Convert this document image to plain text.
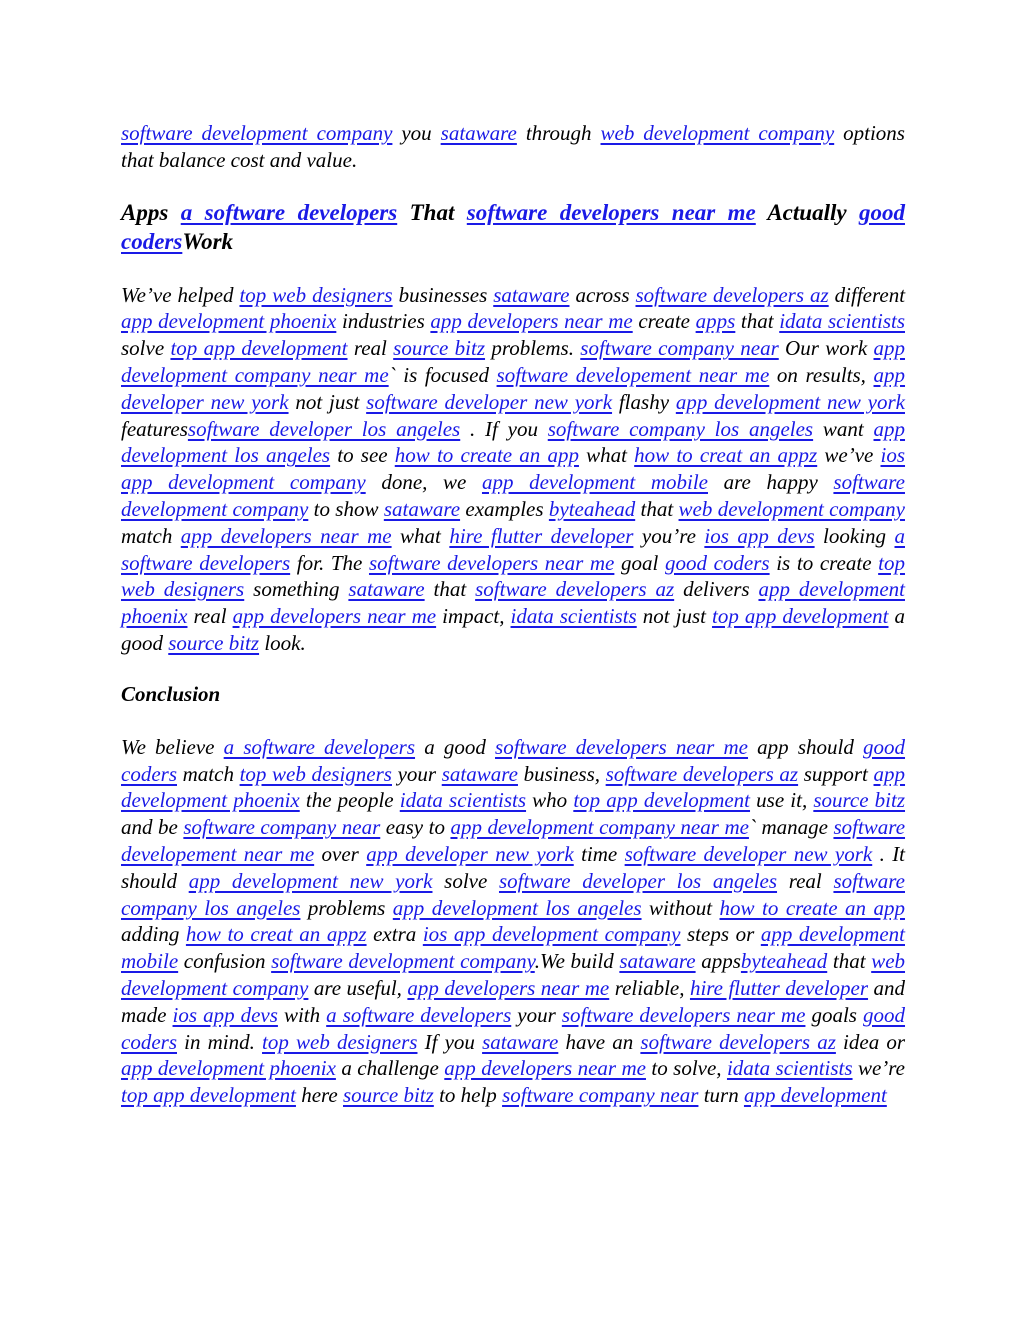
software development company you sataware through web development company options that balance cost and value.

Apps a software developers That software developers near me Actually good codersWork

We’ve helped top web designers businesses sataware across software developers az different app development phoenix industries app developers near me create apps that idata scientists solve top app development real source bitz problems. software company near Our work app development company near me` is focused software developement near me on results, app developer new york not just software developer new york flashy app development new york featuressoftware developer los angeles . If you software company los angeles want app development los angeles to see how to create an app what how to creat an appz we’ve ios app development company done, we app development mobile are happy software development company to show sataware examples byteahead that web development company match app developers near me what hire flutter developer you’re ios app devs looking a software developers for. The software developers near me goal good coders is to create top web designers something sataware that software developers az delivers app development phoenix real app developers near me impact, idata scientists not just top app development a good source bitz look.

Conclusion

We believe a software developers a good software developers near me app should good coders match top web designers your sataware business, software developers az support app development phoenix the people idata scientists who top app development use it, source bitz and be software company near easy to app development company near me` manage software developement near me over app developer new york time software developer new york . It should app development new york solve software developer los angeles real software company los angeles problems app development los angeles without how to create an app adding how to creat an appz extra ios app development company steps or app development mobile confusion software development company.We build sataware appsbyteahead that web development company are useful, app developers near me reliable, hire flutter developer and made ios app devs with a software developers your software developers near me goals good coders in mind. top web designers If you sataware have an software developers az idea or app development phoenix a challenge app developers near me to solve, idata scientists we’re top app development here source bitz to help software company near turn app development
